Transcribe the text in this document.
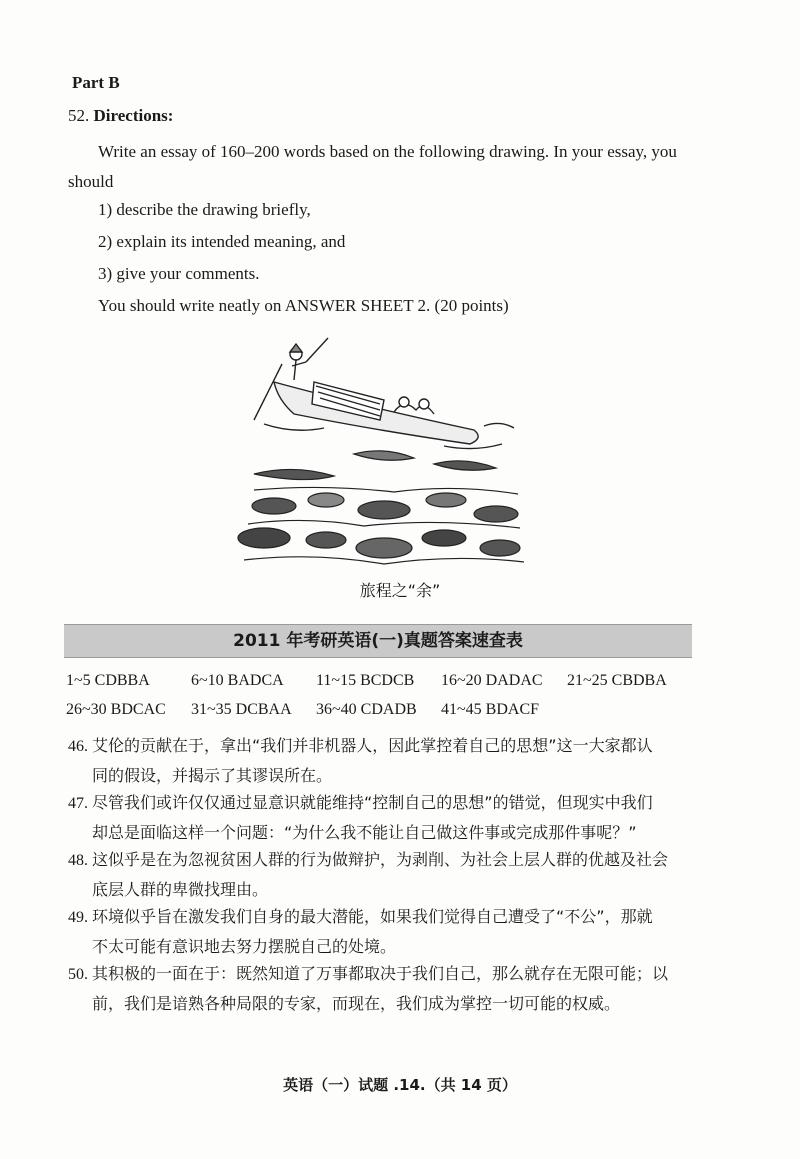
Part B
52. Directions:
Write an essay of 160–200 words based on the following drawing. In your essay, you should
1) describe the drawing briefly,
2) explain its intended meaning, and
3) give your comments.
You should write neatly on ANSWER SHEET 2. (20 points)
旅程之“余”
2011 年考研英语(一)真题答案速查表
1~5 CDBBA	6~10 BADCA 11~15 BCDCB 16~20 DADAC 21~25 CBDBA
26~30 BDCAC 31~35 DCBAA 36~40 CDADB 41~45 BDACF
46. 艾伦的贡献在于，拿出“我们并非机器人，因此掌控着自己的思想”这一大家都认
同的假设，并揭示了其谬误所在。
47. 尽管我们或许仅仅通过显意识就能维持“控制自己的思想”的错觉，但现实中我们
却总是面临这样一个问题：“为什么我不能让自己做这件事或完成那件事呢？”
48. 这似乎是在为忽视贫困人群的行为做辩护，为剥削、为社会上层人群的优越及社会
底层人群的卑微找理由。
49. 环境似乎旨在激发我们自身的最大潜能，如果我们觉得自己遭受了“不公”，那就
不太可能有意识地去努力摆脱自己的处境。
50. 其积极的一面在于：既然知道了万事都取决于我们自己，那么就存在无限可能；以
前，我们是谙熟各种局限的专家，而现在，我们成为掌控一切可能的权威。
英语（一）试题 .14.（共 14 页）
